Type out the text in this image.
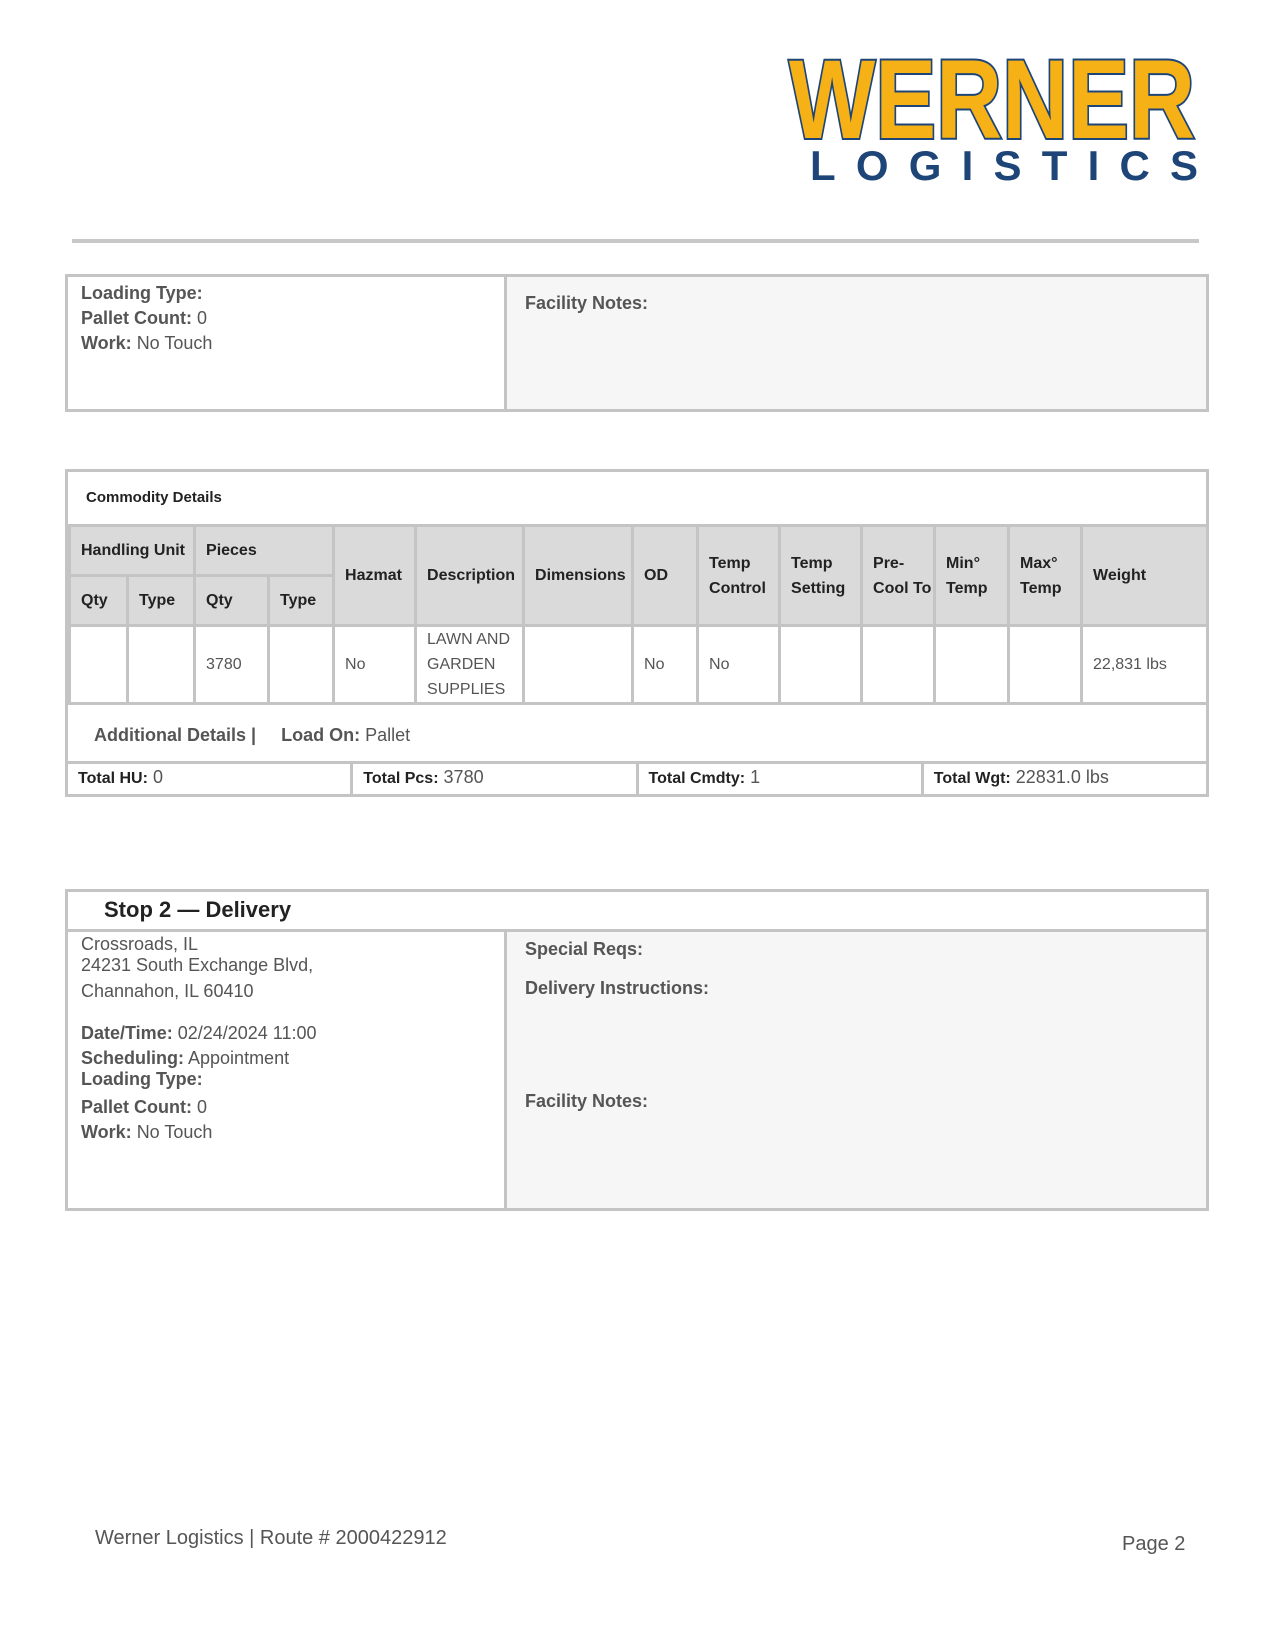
WERNER
LOGISTICS
Loading Type:
Pallet Count: 0
Work: No Touch
Facility Notes:
Commodity Details
Handling Unit		Pieces		Hazmat	Description	Dimensions	OD	Temp Control	Temp Setting	Pre-Cool To	Min° Temp	Max° Temp	Weight
Qty	Type	Qty	Type										
		3780		No	LAWN AND GARDEN SUPPLIES		No	No					22,831 lbs
Additional Details | Load On: Pallet
Total HU: 0	Total Pcs: 3780	Total Cmdty: 1	Total Wgt: 22831.0 lbs
Stop 2 — Delivery
Crossroads, IL
24231 South Exchange Blvd,
Channahon, IL 60410
Date/Time: 02/24/2024 11:00
Scheduling: Appointment
Loading Type:
Pallet Count: 0
Work: No Touch
Special Reqs:
Delivery Instructions:
Facility Notes:
Werner Logistics | Route # 2000422912	Page 2
